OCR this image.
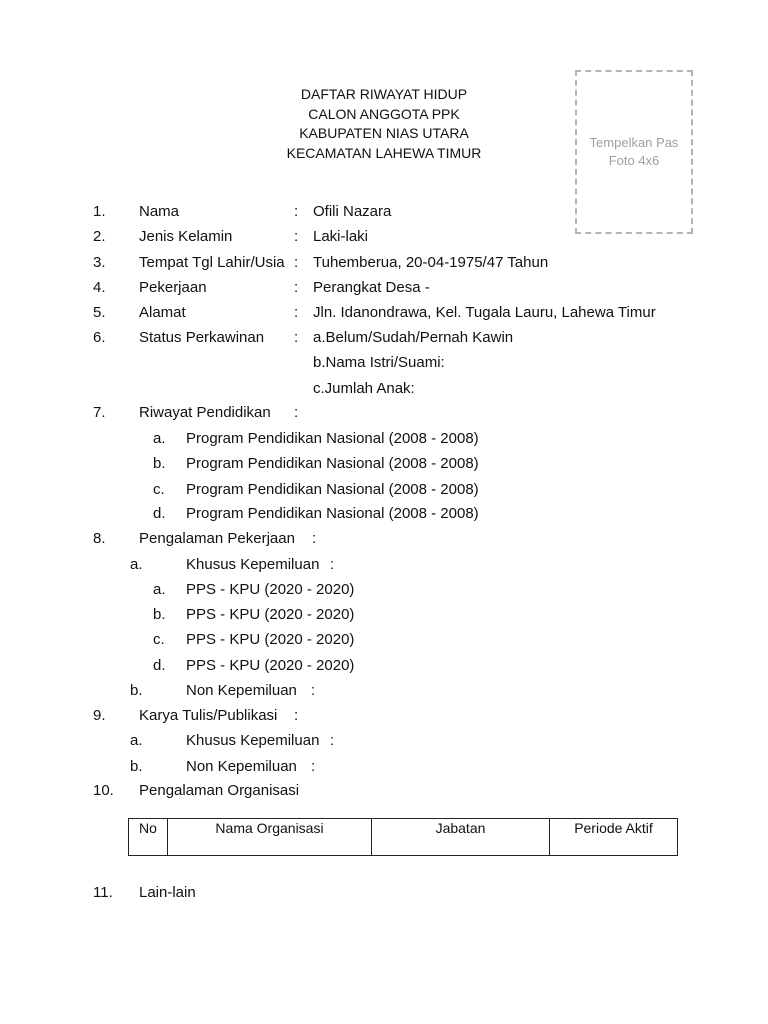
DAFTAR RIWAYAT HIDUP
CALON ANGGOTA PPK
KABUPATEN NIAS UTARA
KECAMATAN LAHEWA TIMUR
Tempelkan Pas
Foto 4x6
1. Nama	: Ofili Nazara
2. Jenis Kelamin	: Laki-laki
3. Tempat Tgl Lahir/Usia : Tuhemberua, 20-04-1975/47 Tahun
4. Pekerjaan	: Perangkat Desa -
5. Alamat	: Jln. Idanondrawa, Kel. Tugala Lauru, Lahewa Timur
6. Status Perkawinan : a.Belum/Sudah/Pernah Kawin
b.Nama Istri/Suami:
c.Jumlah Anak:
7. Riwayat Pendidikan :
a. Program Pendidikan Nasional (2008 - 2008)
b. Program Pendidikan Nasional (2008 - 2008)
c. Program Pendidikan Nasional (2008 - 2008)
d. Program Pendidikan Nasional (2008 - 2008)
8. Pengalaman Pekerjaan :
a.	Khusus Kepemiluan :
a. PPS - KPU (2020 - 2020)
b. PPS - KPU (2020 - 2020)
c. PPS - KPU (2020 - 2020)
d. PPS - KPU (2020 - 2020)
b.	Non Kepemiluan :
9. Karya Tulis/Publikasi :
a.	Khusus Kepemiluan :
b.	Non Kepemiluan :
10. Pengalaman Organisasi
No	Nama Organisasi	Jabatan	Periode Aktif
11. Lain-lain
